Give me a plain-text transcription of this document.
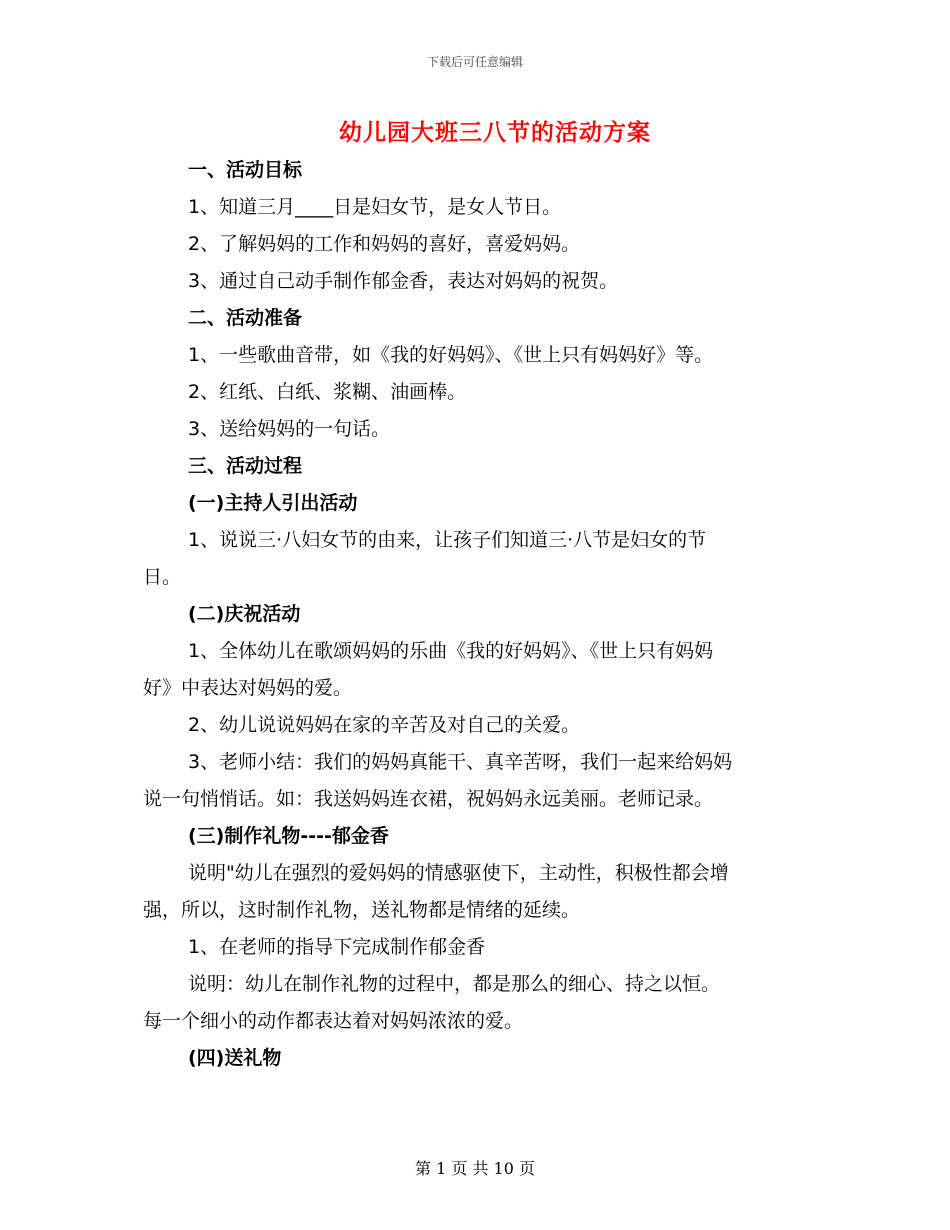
下载后可任意编辑
幼儿园大班三八节的活动方案

一、活动目标

1、知道三月____日是妇女节，是女人节日。

2、了解妈妈的工作和妈妈的喜好，喜爱妈妈。

3、通过自己动手制作郁金香，表达对妈妈的祝贺。

二、活动准备

1、一些歌曲音带，如《我的好妈妈》、《世上只有妈妈好》等。

2、红纸、白纸、浆糊、油画棒。

3、送给妈妈的一句话。

三、活动过程

(一)主持人引出活动

1、说说三·八妇女节的由来，让孩子们知道三·八节是妇女的节

日。

(二)庆祝活动

1、全体幼儿在歌颂妈妈的乐曲《我的好妈妈》、《世上只有妈妈

好》中表达对妈妈的爱。

2、幼儿说说妈妈在家的辛苦及对自己的关爱。

3、老师小结：我们的妈妈真能干、真辛苦呀，我们一起来给妈妈

说一句悄悄话。如：我送妈妈连衣裙，祝妈妈永远美丽。老师记录。

(三)制作礼物----郁金香

说明"幼儿在强烈的爱妈妈的情感驱使下，主动性，积极性都会增

强，所以，这时制作礼物，送礼物都是情绪的延续。

1、在老师的指导下完成制作郁金香

说明：幼儿在制作礼物的过程中，都是那么的细心、持之以恒。

每一个细小的动作都表达着对妈妈浓浓的爱。

(四)送礼物

第 1 页 共 10 页
